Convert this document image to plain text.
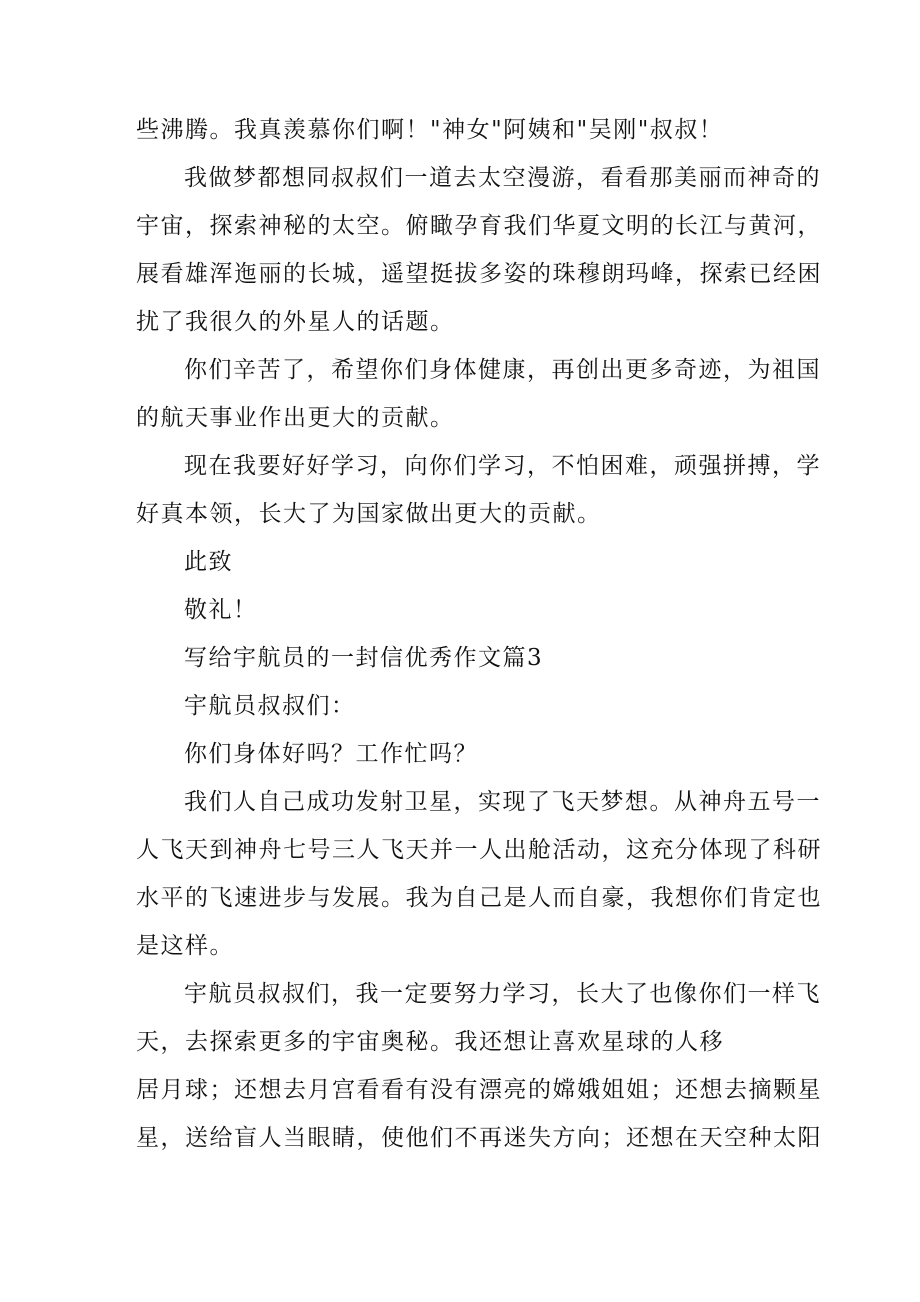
些沸腾。我真羡慕你们啊！"神女"阿姨和"吴刚"叔叔！
我做梦都想同叔叔们一道去太空漫游，看看那美丽而神奇的
宇宙，探索神秘的太空。俯瞰孕育我们华夏文明的长江与黄河，
展看雄浑迤丽的长城，遥望挺拔多姿的珠穆朗玛峰，探索已经困
扰了我很久的外星人的话题。
你们辛苦了，希望你们身体健康，再创出更多奇迹，为祖国
的航天事业作出更大的贡献。
现在我要好好学习，向你们学习，不怕困难，顽强拼搏，学
好真本领，长大了为国家做出更大的贡献。
此致
敬礼！
写给宇航员的一封信优秀作文篇3
宇航员叔叔们：
你们身体好吗？工作忙吗？
我们人自己成功发射卫星，实现了飞天梦想。从神舟五号一
人飞天到神舟七号三人飞天并一人出舱活动，这充分体现了科研
水平的飞速进步与发展。我为自己是人而自豪，我想你们肯定也
是这样。
宇航员叔叔们，我一定要努力学习，长大了也像你们一样飞
天，去探索更多的宇宙奥秘。我还想让喜欢星球的人移
居月球；还想去月宫看看有没有漂亮的嫦娥姐姐；还想去摘颗星
星，送给盲人当眼睛，使他们不再迷失方向；还想在天空种太阳
